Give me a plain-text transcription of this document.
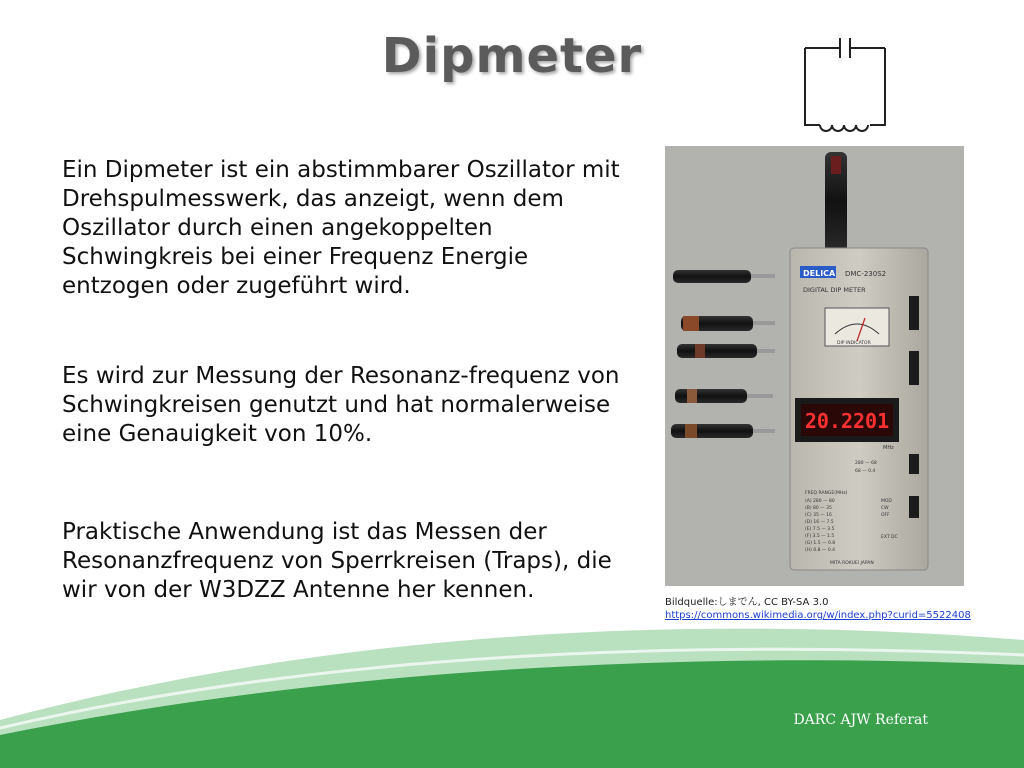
Dipmeter
Ein Dipmeter ist ein abstimmbarer Oszillator mit Drehspulmesswerk, das anzeigt, wenn dem Oszillator durch einen angekoppelten Schwingkreis bei einer Frequenz Energie entzogen oder zugeführt wird.
Es wird zur Messung der Resonanz-frequenz von Schwingkreisen genutzt und hat normalerweise eine Genauigkeit von 10%.
Praktische Anwendung ist das Messen der Resonanzfrequenz von Sperrkreisen (Traps), die wir von der W3DZZ Antenne her kennen.
DELICA DMC-230S2
DIGITAL DIP METER
DIP INDICATOR
20.2201
MHz
280 — 68
68 — 0.4
FREQ RANGE(MHz)
(A) 280 — 80
(B) 80 — 35
(C) 35 — 16
(D) 16 — 7.5
(E) 7.5 — 3.5
(F) 3.5 — 1.5
(G) 1.5 — 0.8
(H) 0.8 — 0.4
MOD
CW
OFF
EXT DC
MITA ROKUEI JAPAN
Bildquelle:しまでん, CC BY-SA 3.0
https://commons.wikimedia.org/w/index.php?curid=5522408
DARC AJW Referat
